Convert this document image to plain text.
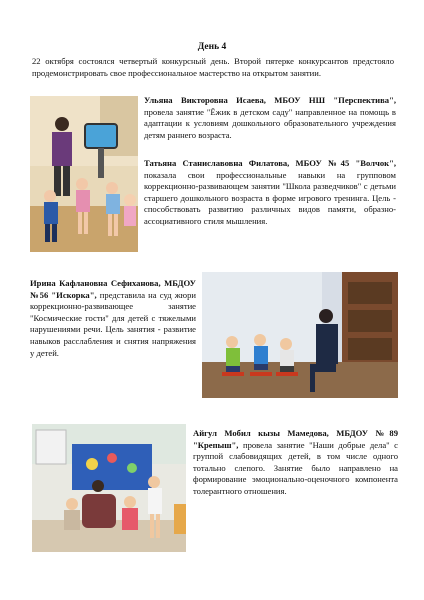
День 4
22 октября состоялся четвертый конкурсный день. Второй пятерке конкурсантов предстояло продемонстрировать свое профессиональное мастерство на открытом занятии.
Ульяна Викторовна Исаева, МБОУ НШ "Перспектива", провела занятие "Ёжик в детском саду" направленное на помощь в адаптации к условиям дошкольного образовательного учреждения детям раннего возраста.
Татьяна Станиславовна Филатова, МБОУ №45 "Волчок", показала свои профессиональные навыки на групповом коррекционно-развивающем занятии "Школа разведчиков" с детьми старшего дошкольного возраста в форме игрового тренинга. Цель - способствовать развитию различных видов памяти, образно-ассоциативного стиля мышления.
Ирина Кафлановна Сефиханова, МБДОУ №56 "Искорка", представила на суд жюри коррекционно-развивающее занятие "Космические гости" для детей с тяжелыми нарушениями речи. Цель занятия - развитие навыков расслабления и снятия напряжения у детей.
Айгул Мобил кызы Мамедова, МБДОУ №89 "Крепыш", провела занятие "Наши добрые дела" с группой слабовидящих детей, в том числе одного тотально слепого. Занятие было направлено на формирование эмоционально-оценочного компонента толерантного отношения.
